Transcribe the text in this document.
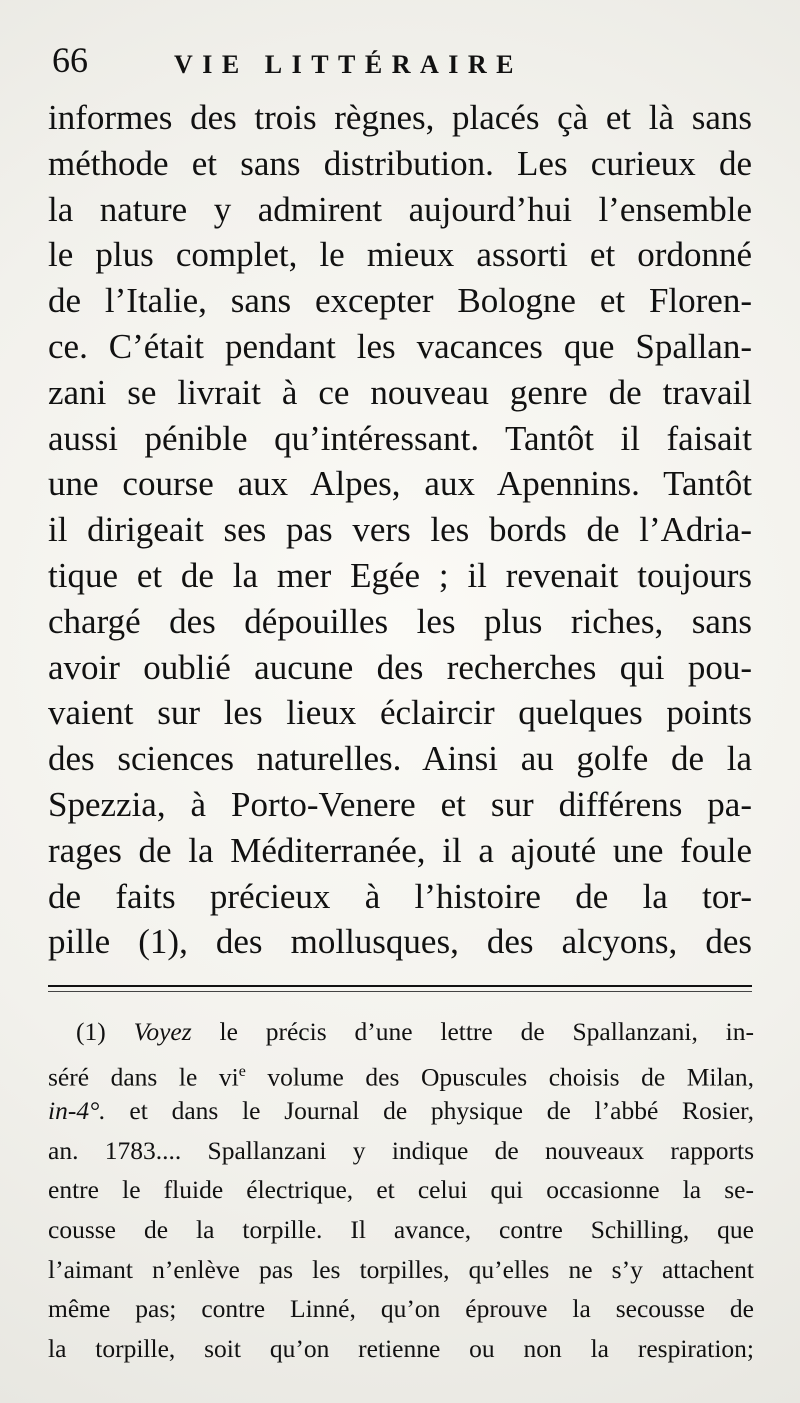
66	VIE LITTÉRAIRE
informes des trois règnes, placés çà et là sans
méthode et sans distribution. Les curieux de
la nature y admirent aujourd’hui l’ensemble
le plus complet, le mieux assorti et ordonné
de l’Italie, sans excepter Bologne et Floren-
ce. C’était pendant les vacances que Spallan-
zani se livrait à ce nouveau genre de travail
aussi pénible qu’intéressant. Tantôt il faisait
une course aux Alpes, aux Apennins. Tantôt
il dirigeait ses pas vers les bords de l’Adria-
tique et de la mer Egée ; il revenait toujours
chargé des dépouilles les plus riches, sans
avoir oublié aucune des recherches qui pou-
vaient sur les lieux éclaircir quelques points
des sciences naturelles. Ainsi au golfe de la
Spezzia, à Porto-Venere et sur différens pa-
rages de la Méditerranée, il a ajouté une foule
de faits précieux à l’histoire de la tor-
pille (1), des mollusques, des alcyons, des
(1) Voyez le précis d’une lettre de Spallanzani, in-
séré dans le $vi^e$ volume des Opuscules choisis de Milan,
in-4°. et dans le Journal de physique de l’abbé Rosier,
an. 1783.... Spallanzani y indique de nouveaux rapports
entre le fluide électrique, et celui qui occasionne la se-
cousse de la torpille. Il avance, contre Schilling, que
l’aimant n’enlève pas les torpilles, qu’elles ne s’y attachent
même pas; contre Linné, qu’on éprouve la secousse de
la torpille, soit qu’on retienne ou non la respiration;
